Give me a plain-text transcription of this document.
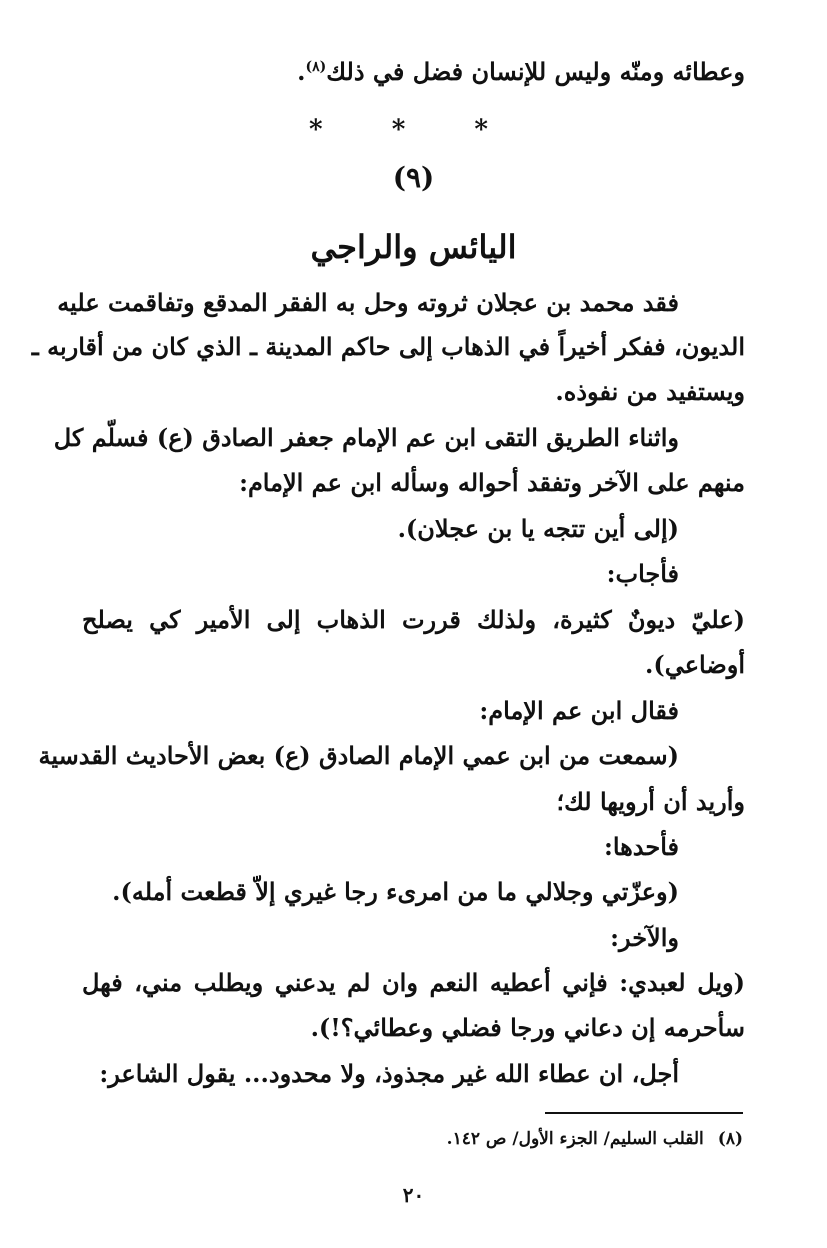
وعطائه ومنّه وليس للإنسان فضل في ذلك$^{(٨)}$.
* * *
(٩)
اليائس والراجي
فقد محمد بن عجلان ثروته وحل به الفقر المدقع وتفاقمت عليه
الديون، ففكر أخيراً في الذهاب إلى حاكم المدينة ـ الذي كان من أقاربه ـ
ويستفيد من نفوذه.
واثناء الطريق التقى ابن عم الإمام جعفر الصادق (ع) فسلّم كل
منهم على الآخر وتفقد أحواله وسأله ابن عم الإمام:
(إلى أين تتجه يا بن عجلان).
فأجاب:
(عليّ ديونٌ كثيرة، ولذلك قررت الذهاب إلى الأمير كي يصلح
أوضاعي).
فقال ابن عم الإمام:
(سمعت من ابن عمي الإمام الصادق (ع) بعض الأحاديث القدسية
وأريد أن أرويها لك؛
فأحدها:
(وعزّتي وجلالي ما من امرىء رجا غيري إلاّ قطعت أمله).
والآخر:
(ويل لعبدي: فإني أعطيه النعم وان لم يدعني ويطلب مني، فهل
سأحرمه إن دعاني ورجا فضلي وعطائي؟!).
أجل، ان عطاء الله غير مجذوذ، ولا محدود... يقول الشاعر:
(٨)القلب السليم/ الجزء الأول/ ص ١٤٢.
٢٠
